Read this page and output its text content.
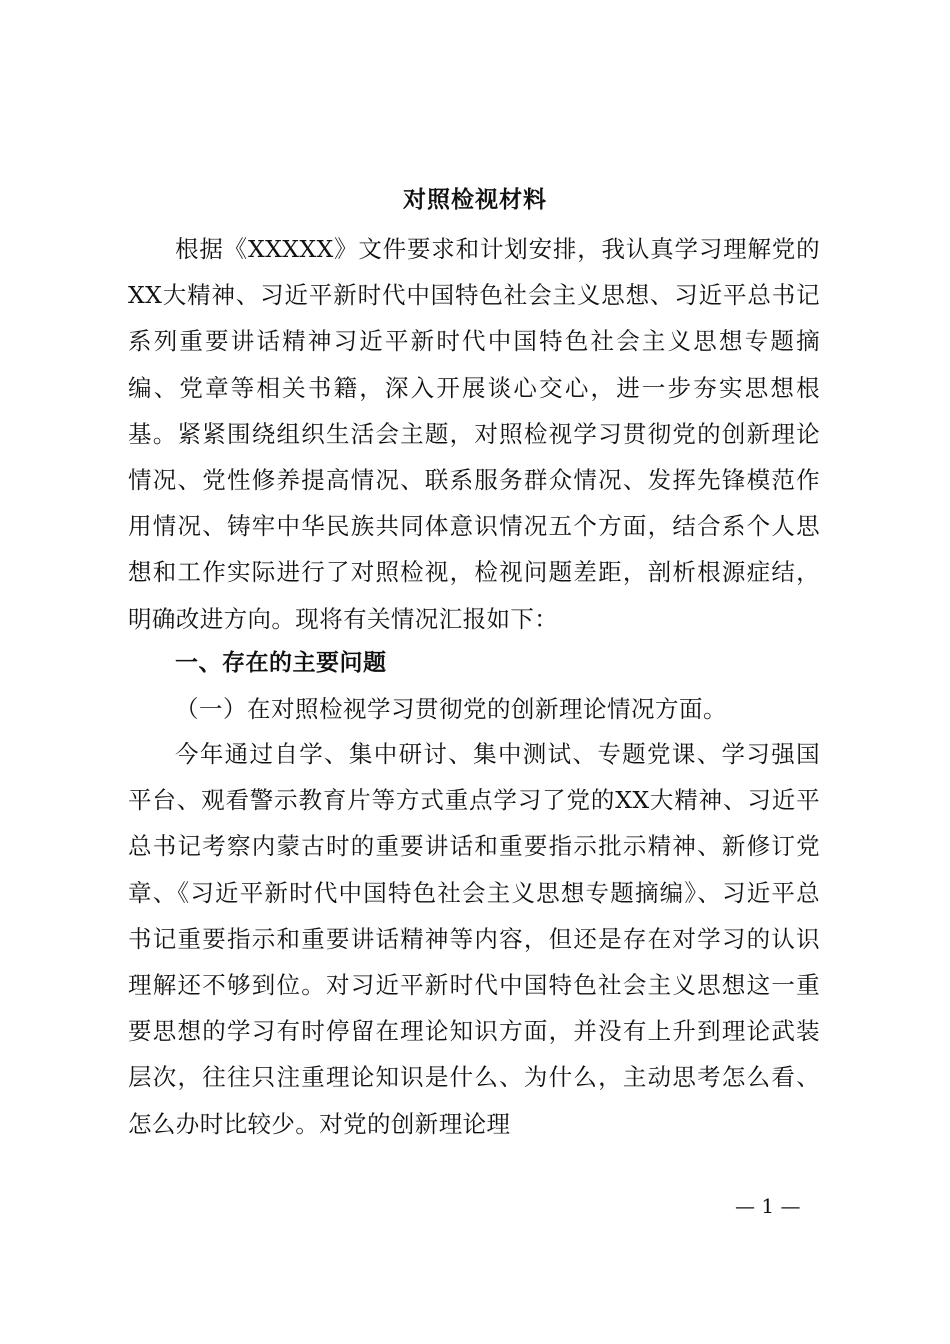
对照检视材料

根据《XXXXX》文件要求和计划安排，我认真学习理解党的XX大精神、习近平新时代中国特色社会主义思想、习近平总书记系列重要讲话精神习近平新时代中国特色社会主义思想专题摘编、党章等相关书籍，深入开展谈心交心，进一步夯实思想根基。紧紧围绕组织生活会主题，对照检视学习贯彻党的创新理论情况、党性修养提高情况、联系服务群众情况、发挥先锋模范作用情况、铸牢中华民族共同体意识情况五个方面，结合系个人思想和工作实际进行了对照检视，检视问题差距，剖析根源症结，明确改进方向。现将有关情况汇报如下：

一、存在的主要问题
（一）在对照检视学习贯彻党的创新理论情况方面。

今年通过自学、集中研讨、集中测试、专题党课、学习强国平台、观看警示教育片等方式重点学习了党的XX大精神、习近平总书记考察内蒙古时的重要讲话和重要指示批示精神、新修订党章、《习近平新时代中国特色社会主义思想专题摘编》、习近平总书记重要指示和重要讲话精神等内容，但还是存在对学习的认识理解还不够到位。对习近平新时代中国特色社会主义思想这一重要思想的学习有时停留在理论知识方面，并没有上升到理论武装层次，往往只注重理论知识是什么、为什么，主动思考怎么看、怎么办时比较少。对党的创新理论理

— 1 —
